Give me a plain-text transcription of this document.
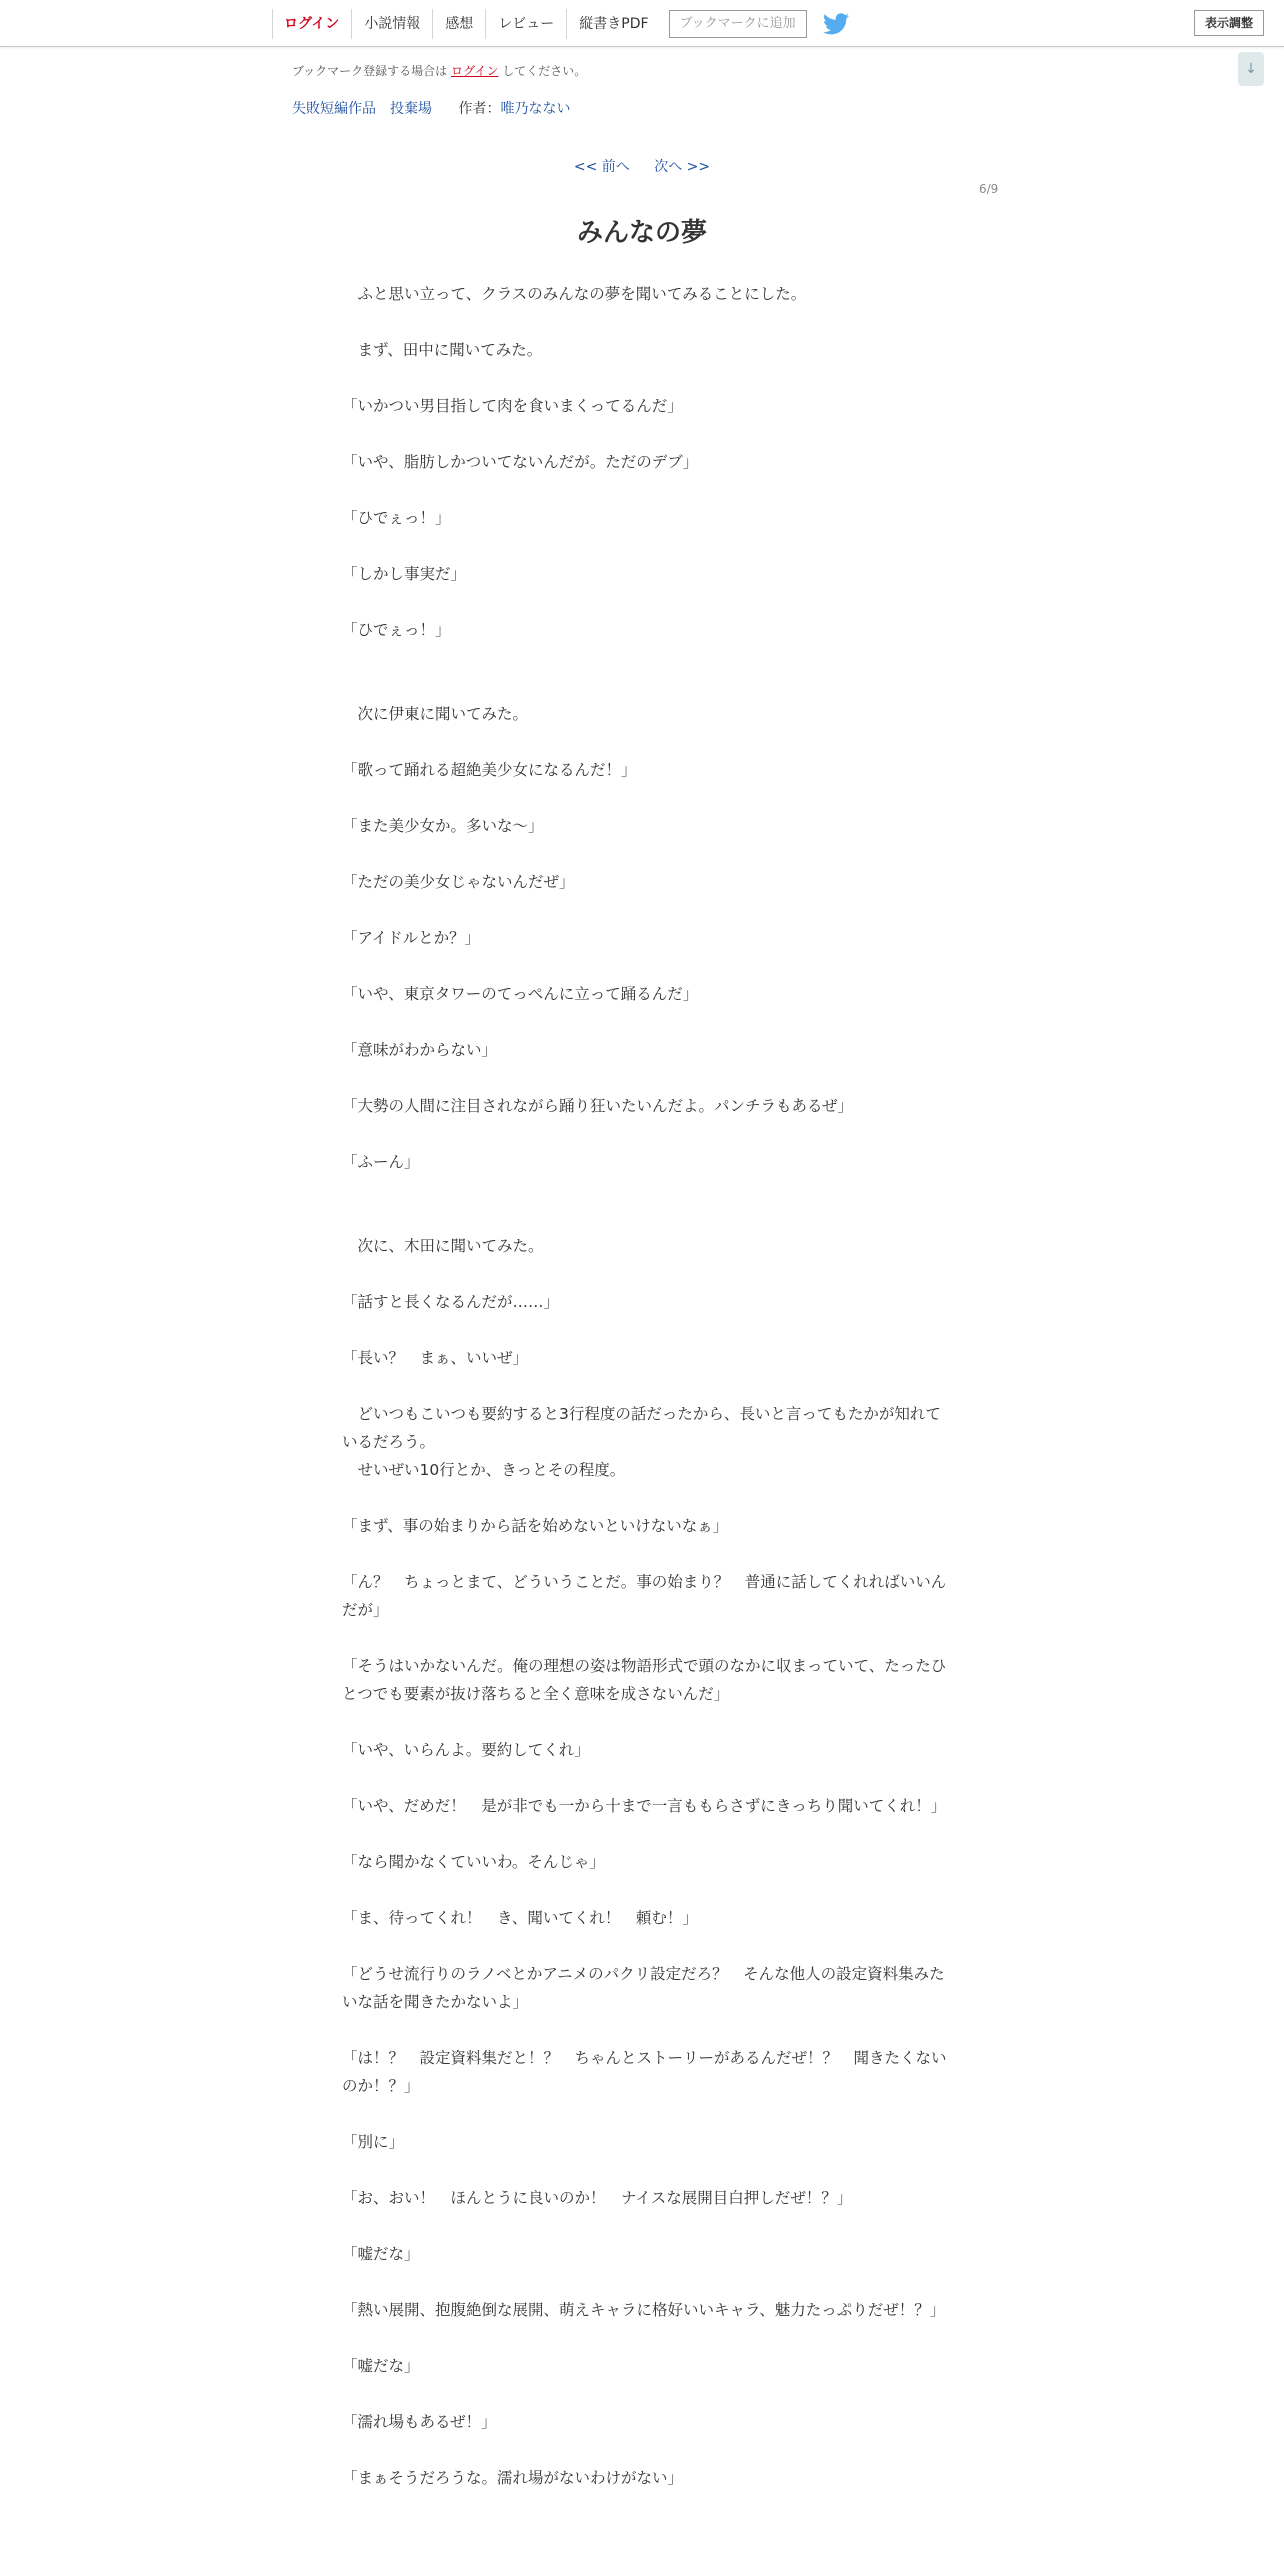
ログイン	小説情報	感想	レビュー	縦書きPDF	ブックマークに追加	表示調整
↓
ブックマーク登録する場合は ログイン してください。
失敗短編作品　投棄場 作者：唯乃なない
<< 前へ 次へ >>
6/9
みんなの夢

　ふと思い立って、クラスのみんなの夢を聞いてみることにした。

　まず、田中に聞いてみた。

「いかつい男目指して肉を食いまくってるんだ」

「いや、脂肪しかついてないんだが。ただのデブ」

「ひでぇっ！」

「しかし事実だ」

「ひでぇっ！」

　次に伊東に聞いてみた。

「歌って踊れる超絶美少女になるんだ！」

「また美少女か。多いな～」

「ただの美少女じゃないんだぜ」

「アイドルとか？」

「いや、東京タワーのてっぺんに立って踊るんだ」

「意味がわからない」

「大勢の人間に注目されながら踊り狂いたいんだよ。パンチラもあるぜ」

「ふーん」

　次に、木田に聞いてみた。

「話すと長くなるんだが……」

「長い？　まぁ、いいぜ」

　どいつもこいつも要約すると3行程度の話だったから、長いと言ってもたかが知れているだろう。

　せいぜい10行とか、きっとその程度。

「まず、事の始まりから話を始めないといけないなぁ」

「ん？　ちょっとまて、どういうことだ。事の始まり？　普通に話してくれればいいんだが」

「そうはいかないんだ。俺の理想の姿は物語形式で頭のなかに収まっていて、たったひとつでも要素が抜け落ちると全く意味を成さないんだ」

「いや、いらんよ。要約してくれ」

「いや、だめだ！　是が非でも一から十まで一言ももらさずにきっちり聞いてくれ！」

「なら聞かなくていいわ。そんじゃ」

「ま、待ってくれ！　き、聞いてくれ！　頼む！」

「どうせ流行りのラノベとかアニメのパクリ設定だろ？　そんな他人の設定資料集みたいな話を聞きたかないよ」

「は！？　設定資料集だと！？　ちゃんとストーリーがあるんだぜ！？　聞きたくないのか！？」

「別に」

「お、おい！　ほんとうに良いのか！　ナイスな展開目白押しだぜ！？」

「嘘だな」

「熱い展開、抱腹絶倒な展開、萌えキャラに格好いいキャラ、魅力たっぷりだぜ！？」

「嘘だな」

「濡れ場もあるぜ！」

「まぁそうだろうな。濡れ場がないわけがない」
